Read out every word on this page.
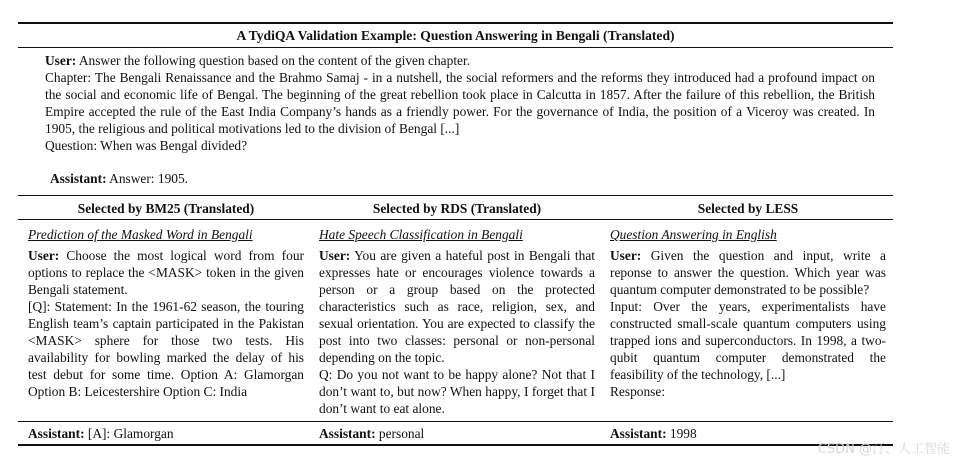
A TydiQA Validation Example: Question Answering in Bengali (Translated)

User: Answer the following question based on the content of the given chapter.

Chapter: The Bengali Renaissance and the Brahmo Samaj - in a nutshell, the social reformers and the reforms they introduced had a profound impact on the social and economic life of Bengal. The beginning of the great rebellion took place in Calcutta in 1857. After the failure of this rebellion, the British Empire accepted the rule of the East India Company’s hands as a friendly power. For the governance of India, the position of a Viceroy was created. In 1905, the religious and political motivations led to the division of Bengal [...]

Question: When was Bengal divided?

Assistant: Answer: 1905.
Selected by BM25 (Translated)	Selected by RDS (Translated)	Selected by LESS
Prediction of the Masked Word in Bengali
User: Choose the most logical word from four options to replace the <MASK> token in the given Bengali statement.
[Q]: Statement: In the 1961-62 season, the touring English team’s captain participated in the Pakistan <MASK> sphere for those two tests. His availability for bowling marked the delay of his test debut for some time. Option A: Glamorgan Option B: Leicestershire Option C: India
Assistant: [A]: Glamorgan
Hate Speech Classification in Bengali
User: You are given a hateful post in Bengali that expresses hate or encourages violence towards a person or a group based on the protected characteristics such as race, religion, sex, and sexual orientation. You are expected to classify the post into two classes: personal or non-personal depending on the topic.
Q: Do you not want to be happy alone? Not that I don’t want to, but now? When happy, I forget that I don’t want to eat alone.
Assistant: personal
Question Answering in English
User: Given the question and input, write a reponse to answer the question. Which year was quantum computer demonstrated to be possible?
Input: Over the years, experimentalists have constructed small-scale quantum computers using trapped ions and superconductors. In 1998, a two-qubit quantum computer demonstrated the feasibility of the technology, [...]
Response:
Assistant: 1998
CSDN @汀、人工智能
